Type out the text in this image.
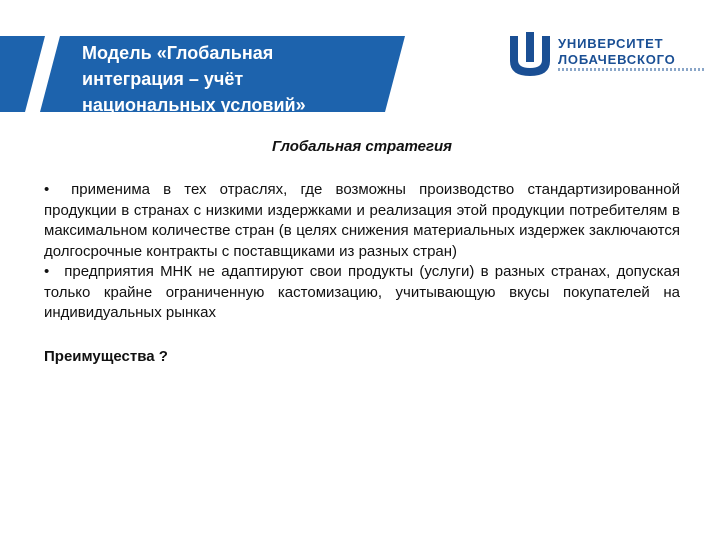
Модель «Глобальная
интеграция – учёт
национальных условий»
УНИВЕРСИТЕТ
ЛОБАЧЕВСКОГО

Глобальная стратегия

• применима в тех отраслях, где возможны производство стандартизированной продукции в странах с низкими издержками и реализация этой продукции потребителям в максимальном количестве стран (в целях снижения материальных издержек заключаются долгосрочные контракты с поставщиками из разных стран)

• предприятия МНК не адаптируют свои продукты (услуги) в разных странах, допуская только крайне ограниченную кастомизацию, учитывающую вкусы покупателей на индивидуальных рынках

Преимущества ?
